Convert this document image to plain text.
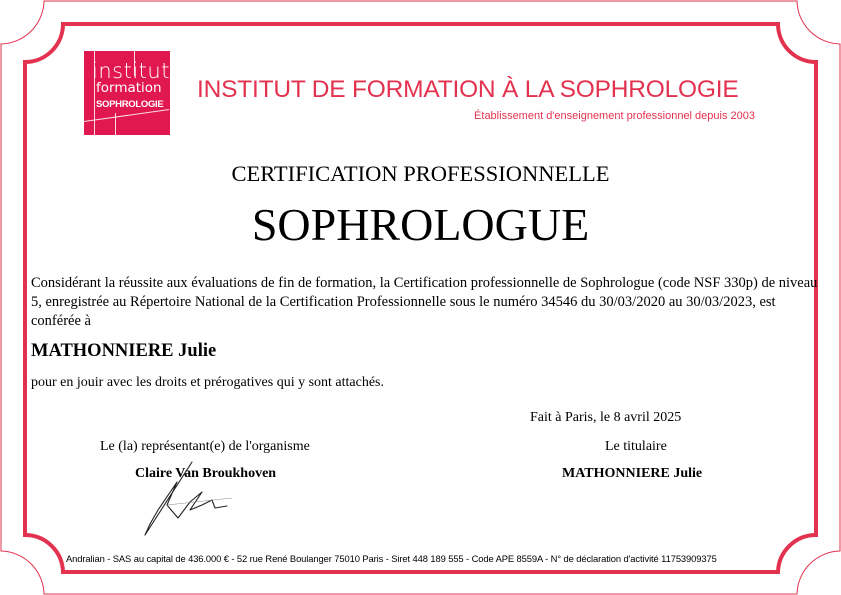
institut
formation
SOPHROLOGIE
INSTITUT DE FORMATION À LA SOPHROLOGIE
Établissement d'enseignement professionnel depuis 2003
CERTIFICATION PROFESSIONNELLE
SOPHROLOGUE
Considérant la réussite aux évaluations de fin de formation, la Certification professionnelle de Sophrologue (code NSF 330p) de niveau 5, enregistrée au Répertoire National de la Certification Professionnelle sous le numéro 34546 du 30/03/2020 au 30/03/2023, est conférée à
MATHONNIERE Julie
pour en jouir avec les droits et prérogatives qui y sont attachés.
Fait à Paris, le 8 avril 2025
Le (la) représentant(e) de l'organisme
Claire Van Broukhoven
Le titulaire
MATHONNIERE Julie
Andralian - SAS au capital de 436.000 € - 52 rue René Boulanger 75010 Paris - Siret 448 189 555 - Code APE 8559A - N° de déclaration d'activité 11753909375
